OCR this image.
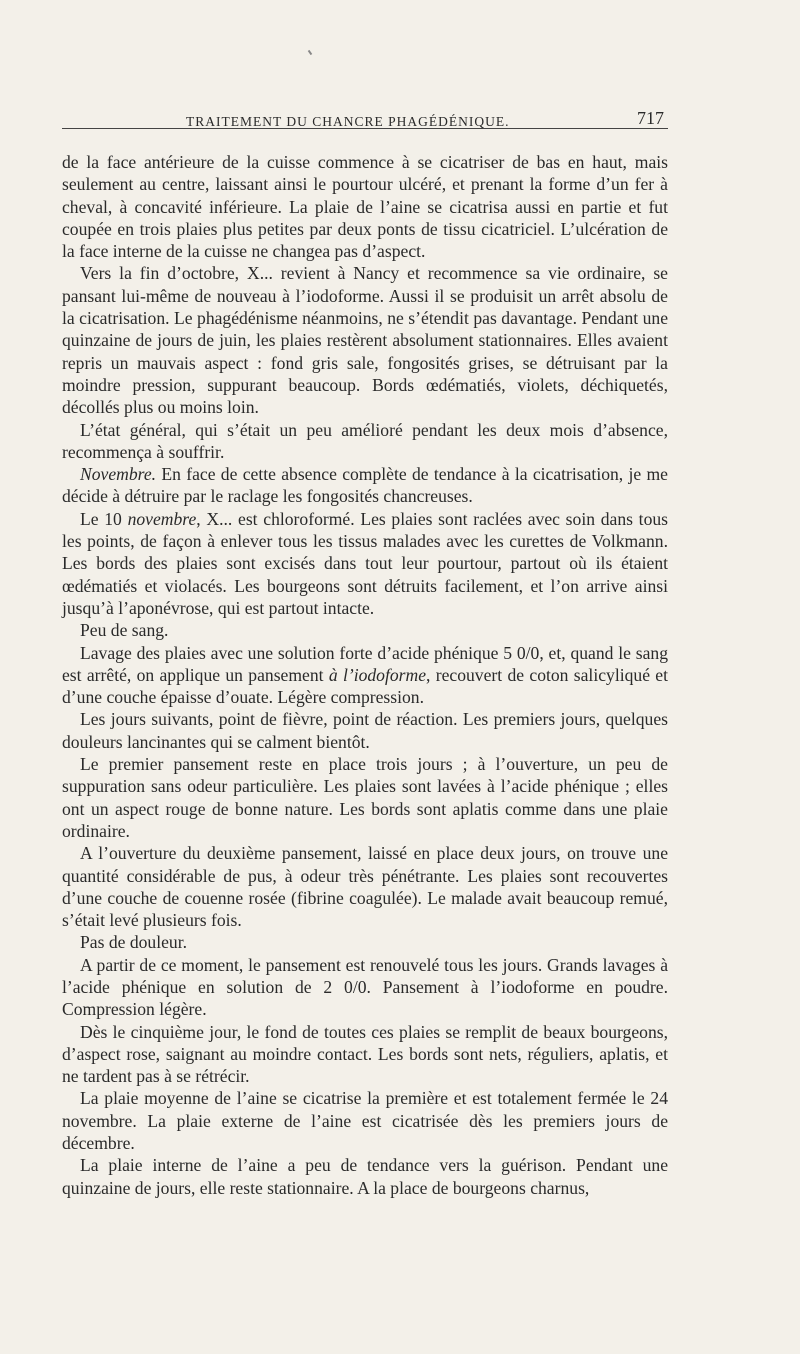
TRAITEMENT DU CHANCRE PHAGÉDÉNIQUE.	717

de la face antérieure de la cuisse commence à se cicatriser de bas en haut, mais seulement au centre, laissant ainsi le pourtour ulcéré, et prenant la forme d’un fer à cheval, à concavité inférieure. La plaie de l’aine se cicatrisa aussi en partie et fut coupée en trois plaies plus petites par deux ponts de tissu cicatriciel. L’ulcération de la face interne de la cuisse ne changea pas d’aspect.

Vers la fin d’octobre, X... revient à Nancy et recommence sa vie ordinaire, se pansant lui-même de nouveau à l’iodoforme. Aussi il se produisit un arrêt absolu de la cicatrisation. Le phagédénisme néanmoins, ne s’étendit pas davantage. Pendant une quinzaine de jours de juin, les plaies restèrent absolument stationnaires. Elles avaient repris un mauvais aspect : fond gris sale, fongosités grises, se détruisant par la moindre pression, suppurant beaucoup. Bords œdématiés, violets, déchiquetés, décollés plus ou moins loin.

L’état général, qui s’était un peu amélioré pendant les deux mois d’absence, recommença à souffrir.

Novembre. En face de cette absence complète de tendance à la cicatrisation, je me décide à détruire par le raclage les fongosités chancreuses.

Le 10 novembre, X... est chloroformé. Les plaies sont raclées avec soin dans tous les points, de façon à enlever tous les tissus malades avec les curettes de Volkmann. Les bords des plaies sont excisés dans tout leur pourtour, partout où ils étaient œdématiés et violacés. Les bourgeons sont détruits facilement, et l’on arrive ainsi jusqu’à l’aponévrose, qui est partout intacte.

Peu de sang.

Lavage des plaies avec une solution forte d’acide phénique 5 0/0, et, quand le sang est arrêté, on applique un pansement à l’iodoforme, recouvert de coton salicyliqué et d’une couche épaisse d’ouate. Légère compression.

Les jours suivants, point de fièvre, point de réaction. Les premiers jours, quelques douleurs lancinantes qui se calment bientôt.

Le premier pansement reste en place trois jours ; à l’ouverture, un peu de suppuration sans odeur particulière. Les plaies sont lavées à l’acide phénique ; elles ont un aspect rouge de bonne nature. Les bords sont aplatis comme dans une plaie ordinaire.

A l’ouverture du deuxième pansement, laissé en place deux jours, on trouve une quantité considérable de pus, à odeur très pénétrante. Les plaies sont recouvertes d’une couche de couenne rosée (fibrine coagulée). Le malade avait beaucoup remué, s’était levé plusieurs fois.

Pas de douleur.

A partir de ce moment, le pansement est renouvelé tous les jours. Grands lavages à l’acide phénique en solution de 2 0/0. Pansement à l’iodoforme en poudre. Compression légère.

Dès le cinquième jour, le fond de toutes ces plaies se remplit de beaux bourgeons, d’aspect rose, saignant au moindre contact. Les bords sont nets, réguliers, aplatis, et ne tardent pas à se rétrécir.

La plaie moyenne de l’aine se cicatrise la première et est totalement fermée le 24 novembre. La plaie externe de l’aine est cicatrisée dès les premiers jours de décembre.

La plaie interne de l’aine a peu de tendance vers la guérison. Pendant une quinzaine de jours, elle reste stationnaire. A la place de bourgeons charnus,
